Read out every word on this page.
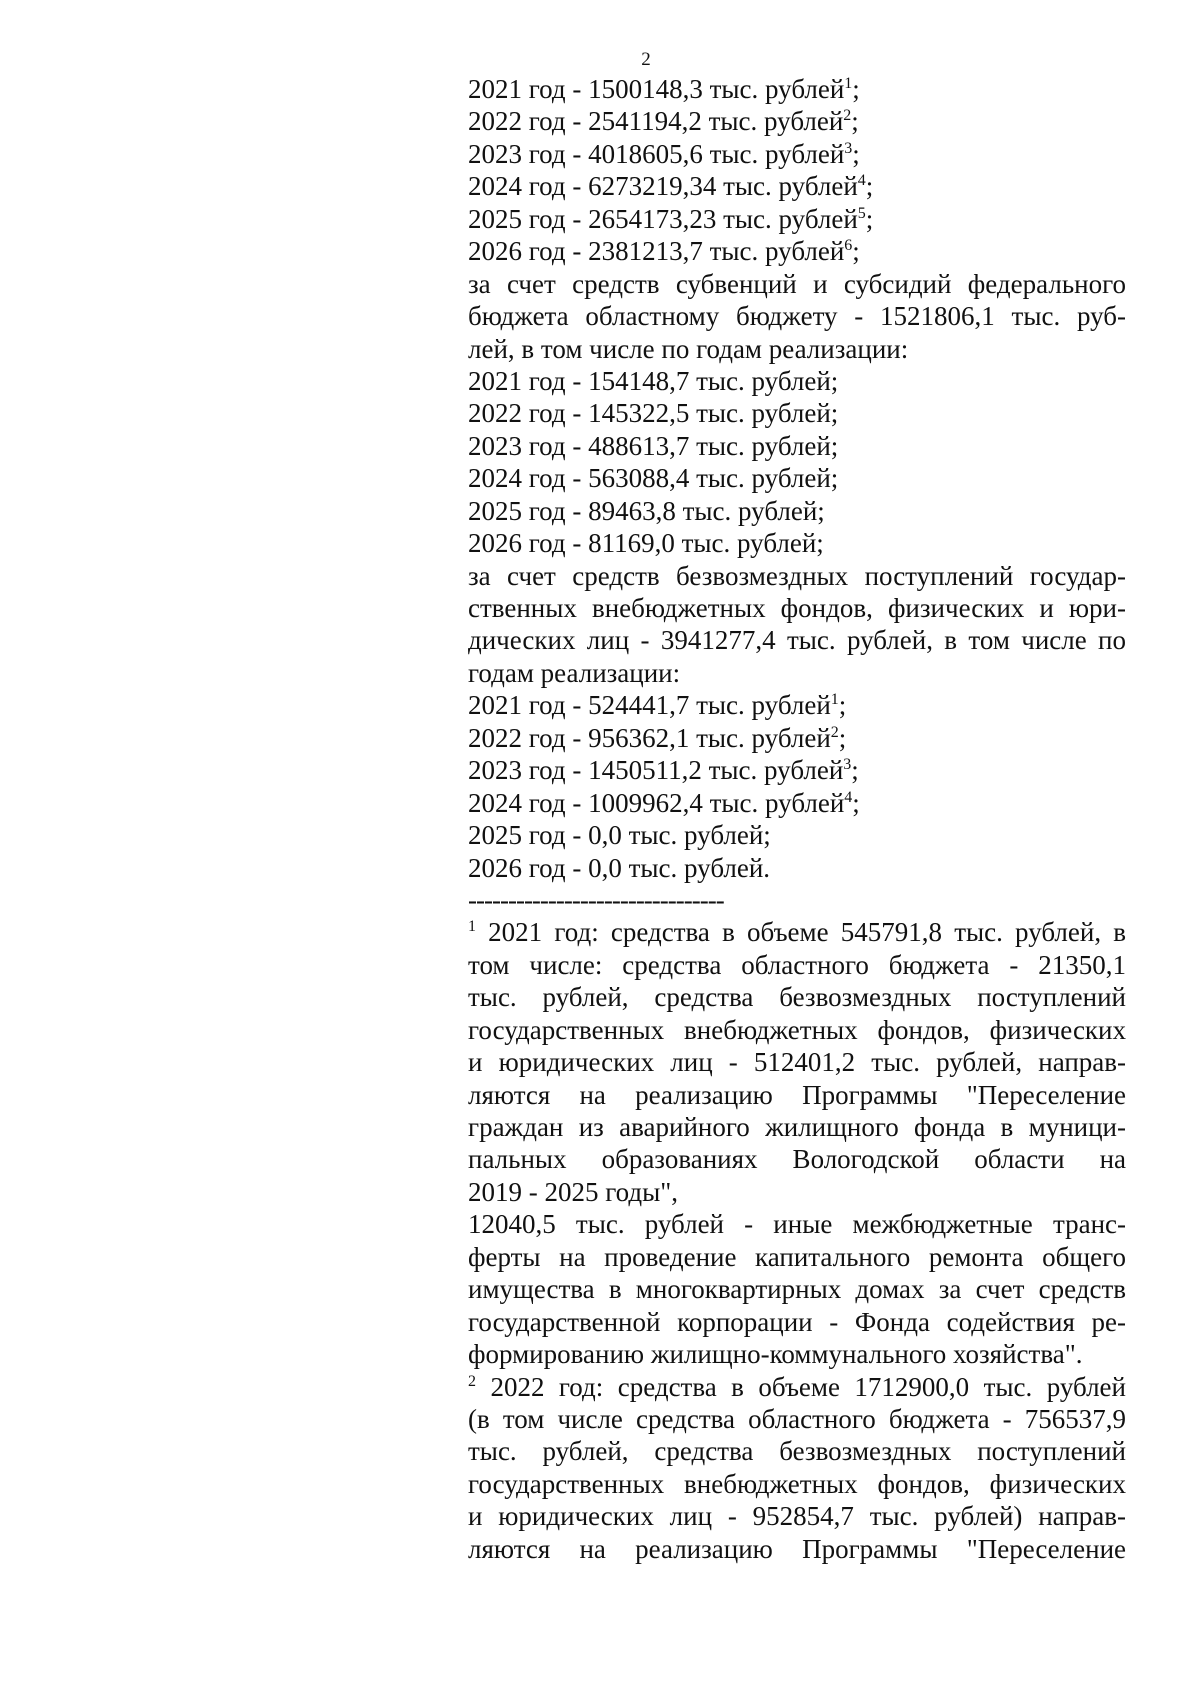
2
2021 год - 1500148,3 тыс. рублей$^1$;
2022 год - 2541194,2 тыс. рублей$^2$;
2023 год - 4018605,6 тыс. рублей$^3$;
2024 год - 6273219,34 тыс. рублей$^4$;
2025 год - 2654173,23 тыс. рублей$^5$;
2026 год - 2381213,7 тыс. рублей$^6$;
за счет средств субвенций и субсидий федерального
бюджета областному бюджету - 1521806,1 тыс. руб-
лей, в том числе по годам реализации:
2021 год - 154148,7 тыс. рублей;
2022 год - 145322,5 тыс. рублей;
2023 год - 488613,7 тыс. рублей;
2024 год - 563088,4 тыс. рублей;
2025 год - 89463,8 тыс. рублей;
2026 год - 81169,0 тыс. рублей;
за счет средств безвозмездных поступлений государ-
ственных внебюджетных фондов, физических и юри-
дических лиц - 3941277,4 тыс. рублей, в том числе по
годам реализации:
2021 год - 524441,7 тыс. рублей$^1$;
2022 год - 956362,1 тыс. рублей$^2$;
2023 год - 1450511,2 тыс. рублей$^3$;
2024 год - 1009962,4 тыс. рублей$^4$;
2025 год - 0,0 тыс. рублей;
2026 год - 0,0 тыс. рублей.
--------------------------------
$^1$ 2021 год: средства в объеме 545791,8 тыс. рублей, в
том числе: средства областного бюджета - 21350,1
тыс. рублей, средства безвозмездных поступлений
государственных внебюджетных фондов, физических
и юридических лиц - 512401,2 тыс. рублей, направ-
ляются на реализацию Программы "Переселение
граждан из аварийного жилищного фонда в муници-
пальных образованиях Вологодской области на
2019 - 2025 годы",
12040,5 тыс. рублей - иные межбюджетные транс-
ферты на проведение капитального ремонта общего
имущества в многоквартирных домах за счет средств
государственной корпорации - Фонда содействия ре-
формированию жилищно-коммунального хозяйства".
$^2$ 2022 год: средства в объеме 1712900,0 тыс. рублей
(в том числе средства областного бюджета - 756537,9
тыс. рублей, средства безвозмездных поступлений
государственных внебюджетных фондов, физических
и юридических лиц - 952854,7 тыс. рублей) направ-
ляются на реализацию Программы "Переселение
